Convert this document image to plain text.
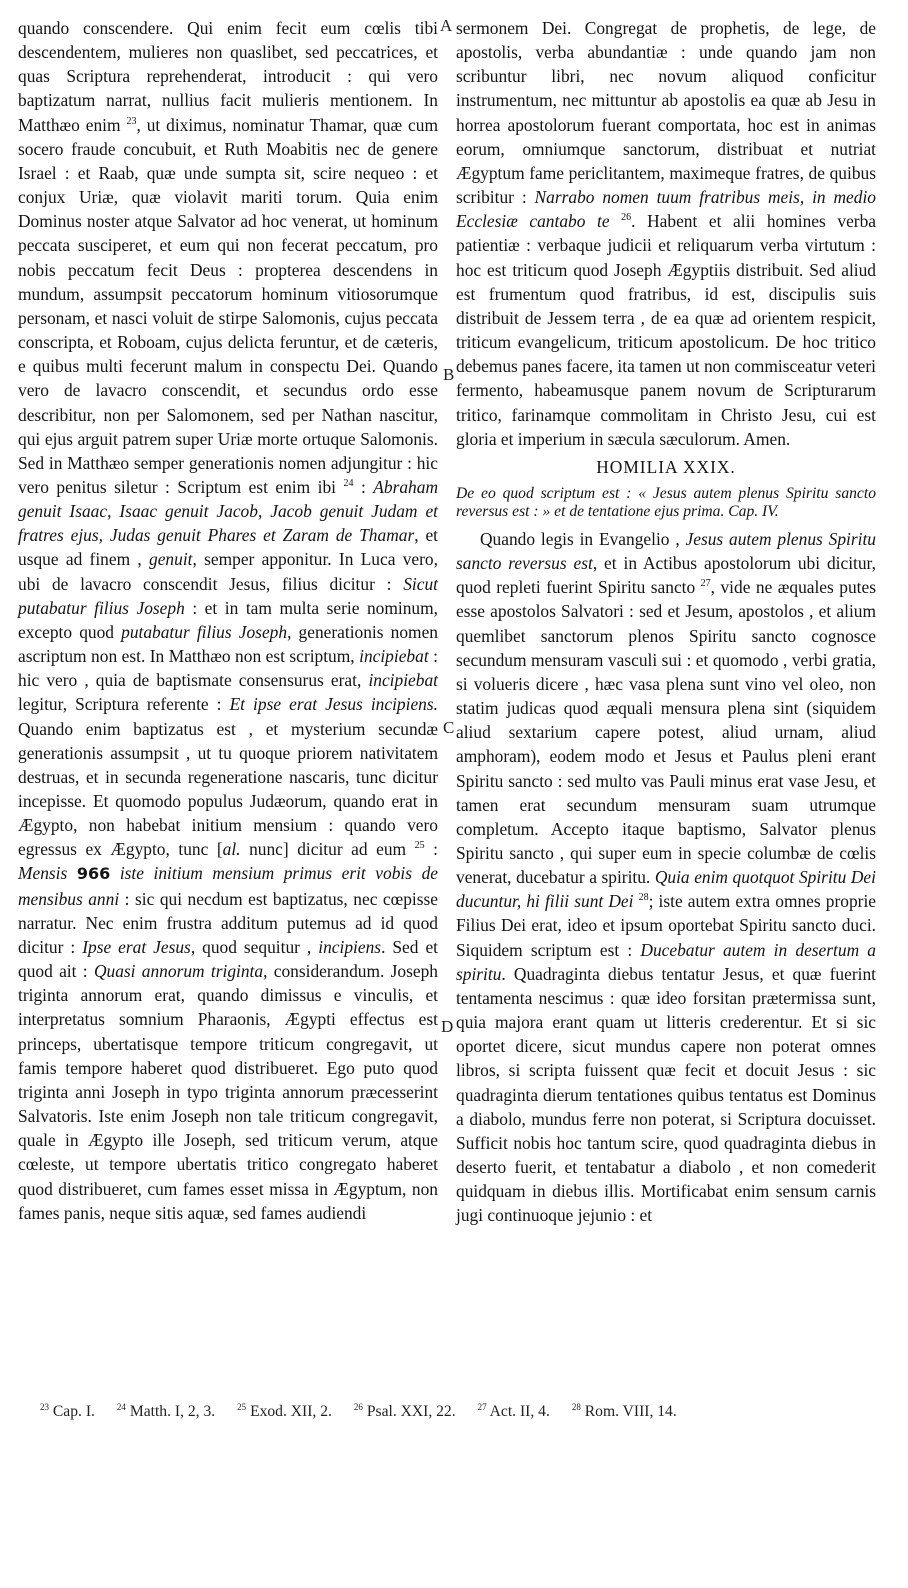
quando conscendere. Qui enim fecit eum cœlis tibi descendentem, mulieres non quaslibet, sed peccatrices, et quas Scriptura reprehenderat, introducit : qui vero baptizatum narrat, nullius facit mulieris mentionem. In Matthæo enim $^{23}$, ut diximus, nominatur Thamar, quæ cum socero fraude concubuit, et Ruth Moabitis nec de genere Israel : et Raab, quæ unde sumpta sit, scire nequeo : et conjux Uriæ, quæ violavit mariti torum. Quia enim Dominus noster atque Salvator ad hoc venerat, ut hominum peccata susciperet, et eum qui non fecerat peccatum, pro nobis peccatum fecit Deus : propterea descendens in mundum, assumpsit peccatorum hominum vitiosorumque personam, et nasci voluit de stirpe Salomonis, cujus peccata conscripta, et Roboam, cujus delicta feruntur, et de cæteris, e quibus multi fecerunt malum in conspectu Dei. Quando vero de lavacro conscendit, et secundus ordo esse describitur, non per Salomonem, sed per Nathan nascitur, qui ejus arguit patrem super Uriæ morte ortuque Salomonis. Sed in Matthæo semper generationis nomen adjungitur : hic vero penitus siletur : Scriptum est enim ibi $^{24}$ : Abraham genuit Isaac, Isaac genuit Jacob, Jacob genuit Judam et fratres ejus, Judas genuit Phares et Zaram de Thamar, et usque ad finem , genuit, semper apponitur. In Luca vero, ubi de lavacro conscendit Jesus, filius dicitur : Sicut putabatur filius Joseph : et in tam multa serie nominum, excepto quod putabatur filius Joseph, generationis nomen ascriptum non est. In Matthæo non est scriptum, incipiebat : hic vero , quia de baptismate consensurus erat, incipiebat legitur, Scriptura referente : Et ipse erat Jesus incipiens. Quando enim baptizatus est , et mysterium secundæ generationis assumpsit , ut tu quoque priorem nativitatem destruas, et in secunda regeneratione nascaris, tunc dicitur incepisse. Et quomodo populus Judæorum, quando erat in Ægypto, non habebat initium mensium : quando vero egressus ex Ægypto, tunc [al. nunc] dicitur ad eum $^{25}$ : Mensis 966 iste initium mensium primus erit vobis de mensibus anni : sic qui necdum est baptizatus, nec cœpisse narratur. Nec enim frustra additum putemus ad id quod dicitur : Ipse erat Jesus, quod sequitur , incipiens. Sed et quod ait : Quasi annorum triginta, considerandum. Joseph triginta annorum erat, quando dimissus e vinculis, et interpretatus somnium Pharaonis, Ægypti effectus est princeps, ubertatisque tempore triticum congregavit, ut famis tempore haberet quod distribueret. Ego puto quod triginta anni Joseph in typo triginta annorum præcesserint Salvatoris. Iste enim Joseph non tale triticum congregavit, quale in Ægypto ille Joseph, sed triticum verum, atque cœleste, ut tempore ubertatis tritico congregato haberet quod distribueret, cum fames esset missa in Ægyptum, non fames panis, neque sitis aquæ, sed fames audiendi

A
B
C
D

sermonem Dei. Congregat de prophetis, de lege, de apostolis, verba abundantiæ : unde quando jam non scribuntur libri, nec novum aliquod conficitur instrumentum, nec mittuntur ab apostolis ea quæ ab Jesu in horrea apostolorum fuerant comportata, hoc est in animas eorum, omniumque sanctorum, distribuat et nutriat Ægyptum fame periclitantem, maximeque fratres, de quibus scribitur : Narrabo nomen tuum fratribus meis, in medio Ecclesiæ cantabo te $^{26}$. Habent et alii homines verba patientiæ : verbaque judicii et reliquarum verba virtutum : hoc est triticum quod Joseph Ægyptiis distribuit. Sed aliud est frumentum quod fratribus, id est, discipulis suis distribuit de Jessem terra , de ea quæ ad orientem respicit, triticum evangelicum, triticum apostolicum. De hoc tritico debemus panes facere, ita tamen ut non commisceatur veteri fermento, habeamusque panem novum de Scripturarum tritico, farinamque commolitam in Christo Jesu, cui est gloria et imperium in sæcula sæculorum. Amen.

HOMILIA XXIX.

De eo quod scriptum est : « Jesus autem plenus Spiritu sancto reversus est : » et de tentatione ejus prima. Cap. IV.

Quando legis in Evangelio , Jesus autem plenus Spiritu sancto reversus est, et in Actibus apostolorum ubi dicitur, quod repleti fuerint Spiritu sancto $^{27}$, vide ne æquales putes esse apostolos Salvatori : sed et Jesum, apostolos , et alium quemlibet sanctorum plenos Spiritu sancto cognosce secundum mensuram vasculi sui : et quomodo , verbi gratia, si volueris dicere , hæc vasa plena sunt vino vel oleo, non statim judicas quod æquali mensura plena sint (siquidem aliud sextarium capere potest, aliud urnam, aliud amphoram), eodem modo et Jesus et Paulus pleni erant Spiritu sancto : sed multo vas Pauli minus erat vase Jesu, et tamen erat secundum mensuram suam utrumque completum. Accepto itaque baptismo, Salvator plenus Spiritu sancto , qui super eum in specie columbæ de cœlis venerat, ducebatur a spiritu. Quia enim quotquot Spiritu Dei ducuntur, hi filii sunt Dei $^{28}$; iste autem extra omnes proprie Filius Dei erat, ideo et ipsum oportebat Spiritu sancto duci. Siquidem scriptum est : Ducebatur autem in desertum a spiritu. Quadraginta diebus tentatur Jesus, et quæ fuerint tentamenta nescimus : quæ ideo forsitan prætermissa sunt, quia majora erant quam ut litteris crederentur. Et si sic oportet dicere, sicut mundus capere non poterat omnes libros, si scripta fuissent quæ fecit et docuit Jesus : sic quadraginta dierum tentationes quibus tentatus est Dominus a diabolo, mundus ferre non poterat, si Scriptura docuisset. Sufficit nobis hoc tantum scire, quod quadraginta diebus in deserto fuerit, et tentabatur a diabolo , et non comederit quidquam in diebus illis. Mortificabat enim sensum carnis jugi continuoque jejunio : et

$^{23}$ Cap. I. $^{24}$ Matth. I, 2, 3. $^{25}$ Exod. XII, 2. $^{26}$ Psal. XXI, 22. $^{27}$ Act. II, 4. $^{28}$ Rom. VIII, 14.
